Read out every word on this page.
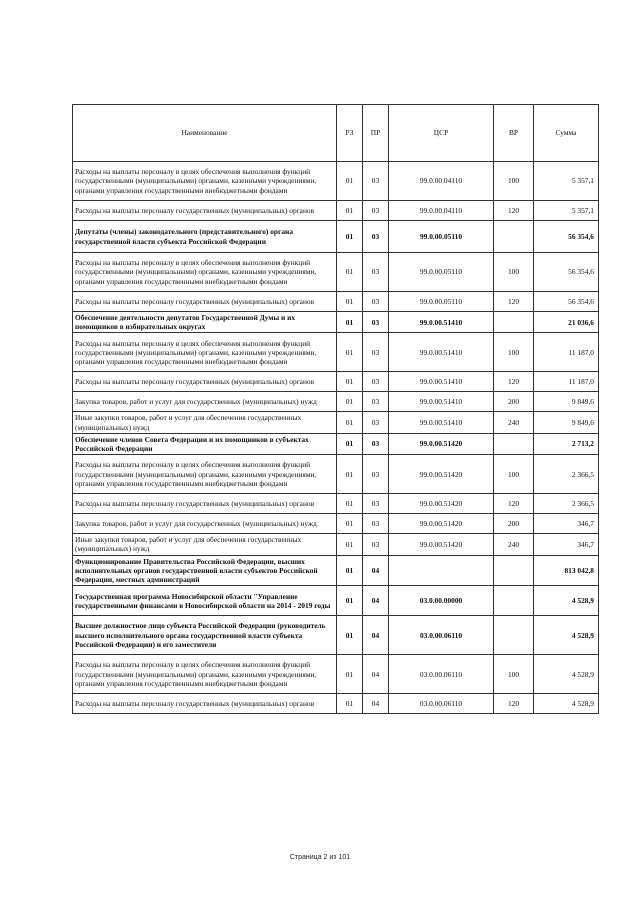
Наименование	РЗ	ПР	ЦСР	ВР	Сумма
Расходы на выплаты персоналу в целях обеспечения выполнения функций государственными (муниципальными) органами, казенными учреждениями, органами управления государственными внебюджетными фондами	01	03	99.0.00.04110	100	5 357,1
Расходы на выплаты персоналу государственных (муниципальных) органов	01	03	99.0.00.04110	120	5 357,1
Депутаты (члены) законодательного (представительного) органа государственной власти субъекта Российской Федерации	01	03	99.0.00.05110		56 354,6
Расходы на выплаты персоналу в целях обеспечения выполнения функций государственными (муниципальными) органами, казенными учреждениями, органами управления государственными внебюджетными фондами	01	03	99.0.00.05110	100	56 354,6
Расходы на выплаты персоналу государственных (муниципальных) органов	01	03	99.0.00.05110	120	56 354,6
Обеспечение деятельности депутатов Государственной Думы и их помощников в избирательных округах	01	03	99.0.00.51410		21 036,6
Расходы на выплаты персоналу в целях обеспечения выполнения функций государственными (муниципальными) органами, казенными учреждениями, органами управления государственными внебюджетными фондами	01	03	99.0.00.51410	100	11 187,0
Расходы на выплаты персоналу государственных (муниципальных) органов	01	03	99.0.00.51410	120	11 187,0
Закупка товаров, работ и услуг для государственных (муниципальных) нужд	01	03	99.0.00.51410	200	9 849,6
Иные закупки товаров, работ и услуг для обеспечения государственных (муниципальных) нужд	01	03	99.0.00.51410	240	9 849,6
Обеспечение членов Совета Федерации и их помощников в субъектах Российской Федерации	01	03	99.0.00.51420		2 713,2
Расходы на выплаты персоналу в целях обеспечения выполнения функций государственными (муниципальными) органами, казенными учреждениями, органами управления государственными внебюджетными фондами	01	03	99.0.00.51420	100	2 366,5
Расходы на выплаты персоналу государственных (муниципальных) органов	01	03	99.0.00.51420	120	2 366,5
Закупка товаров, работ и услуг для государственных (муниципальных) нужд	01	03	99.0.00.51420	200	346,7
Иные закупки товаров, работ и услуг для обеспечения государственных (муниципальных) нужд	01	03	99.0.00.51420	240	346,7
Функционирование Правительства Российской Федерации, высших исполнительных органов государственной власти субъектов Российской Федерации, местных администраций	01	04			813 042,8
Государственная программа Новосибирской области "Управление государственными финансами в Новосибирской области на 2014 - 2019 годы	01	04	03.0.00.00000		4 528,9
Высшее должностное лицо субъекта Российской Федерации (руководитель высшего исполнительного органа государственной власти субъекта Российской Федерации) и его заместители	01	04	03.0.00.06110		4 528,9
Расходы на выплаты персоналу в целях обеспечения выполнения функций государственными (муниципальными) органами, казенными учреждениями, органами управления государственными внебюджетными фондами	01	04	03.0.00.06110	100	4 528,9
Расходы на выплаты персоналу государственных (муниципальных) органов	01	04	03.0.00.06110	120	4 528,9
Страница 2 из 101
